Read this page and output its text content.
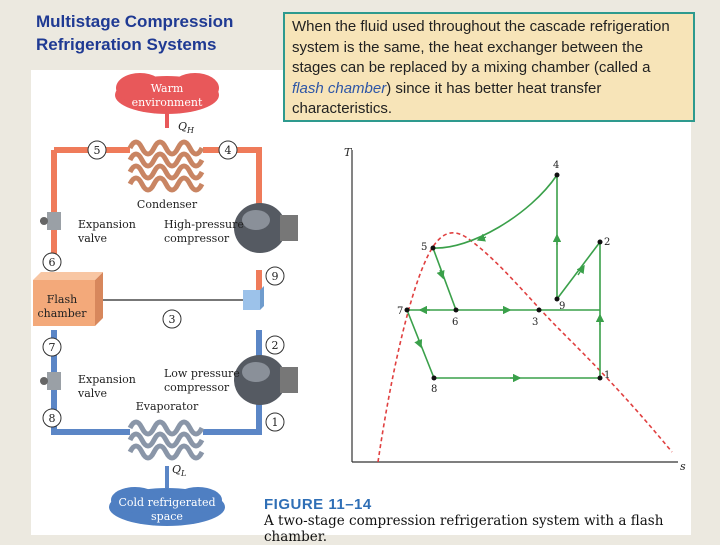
Multistage Compression
Refrigeration Systems
Warm
environment
$Q_H$
Condenser
Expansion
valve
High-pressure
compressor
Flash
chamber
Expansion
valve
Low pressure
compressor
Evaporator
$Q_L$
Cold refrigerated
space
5	4
6
9
3
7	2
8	1
T
s
4
2
5
9
7
6	3
1
8
When the fluid used throughout the cascade refrigeration system is the same, the heat exchanger between the stages can be replaced by a mixing chamber (called a flash chamber) since it has better heat transfer characteristics.
FIGURE 11–14
A two-stage compression refrigeration system with a flash chamber.
